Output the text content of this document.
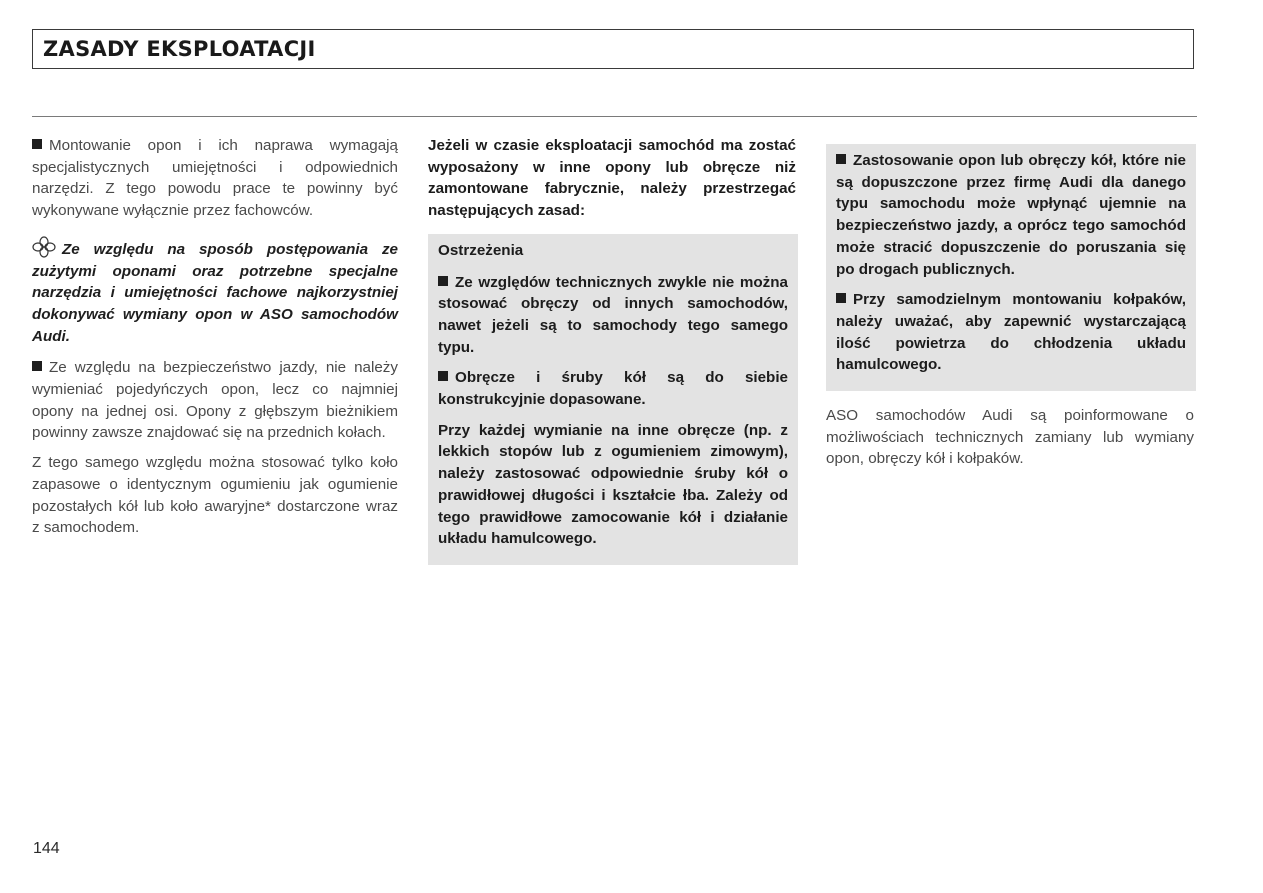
ZASADY EKSPLOATACJI

Montowanie opon i ich naprawa wymagają specjalistycznych umiejętności i odpowiednich narzędzi. Z tego powodu prace te powinny być wykonywane wyłącznie przez fachowców.

Ze względu na sposób postępowania ze zużytymi oponami oraz potrzebne specjalne narzędzia i umiejętności fachowe najkorzystniej dokonywać wymiany opon w ASO samochodów Audi.

Ze względu na bezpieczeństwo jazdy, nie należy wymieniać pojedyńczych opon, lecz co najmniej opony na jednej osi. Opony z głębszym bieżnikiem powinny zawsze znajdować się na przednich kołach.

Z tego samego względu można stosować tylko koło zapasowe o identycznym ogumieniu jak ogumienie pozostałych kół lub koło awaryjne* dostarczone wraz z samochodem.

Jeżeli w czasie eksploatacji samochód ma zostać wyposażony w inne opony lub obręcze niż zamontowane fabrycznie, należy przestrzegać następujących zasad:

Ostrzeżenia

Ze względów technicznych zwykle nie można stosować obręczy od innych samochodów, nawet jeżeli są to samochody tego samego typu.

Obręcze i śruby kół są do siebie konstrukcyjnie dopasowane.

Przy każdej wymianie na inne obręcze (np. z lekkich stopów lub z ogumieniem zimowym), należy zastosować odpowiednie śruby kół o prawidłowej długości i kształcie łba. Zależy od tego prawidłowe zamocowanie kół i działanie układu hamulcowego.

Zastosowanie opon lub obręczy kół, które nie są dopuszczone przez firmę Audi dla danego typu samochodu może wpłynąć ujemnie na bezpieczeństwo jazdy, a oprócz tego samochód może stracić dopuszczenie do poruszania się po drogach publicznych.

Przy samodzielnym montowaniu kołpaków, należy uważać, aby zapewnić wystarczającą ilość powietrza do chłodzenia układu hamulcowego.

ASO samochodów Audi są poinformowane o możliwościach technicznych zamiany lub wymiany opon, obręczy kół i kołpaków.

144
